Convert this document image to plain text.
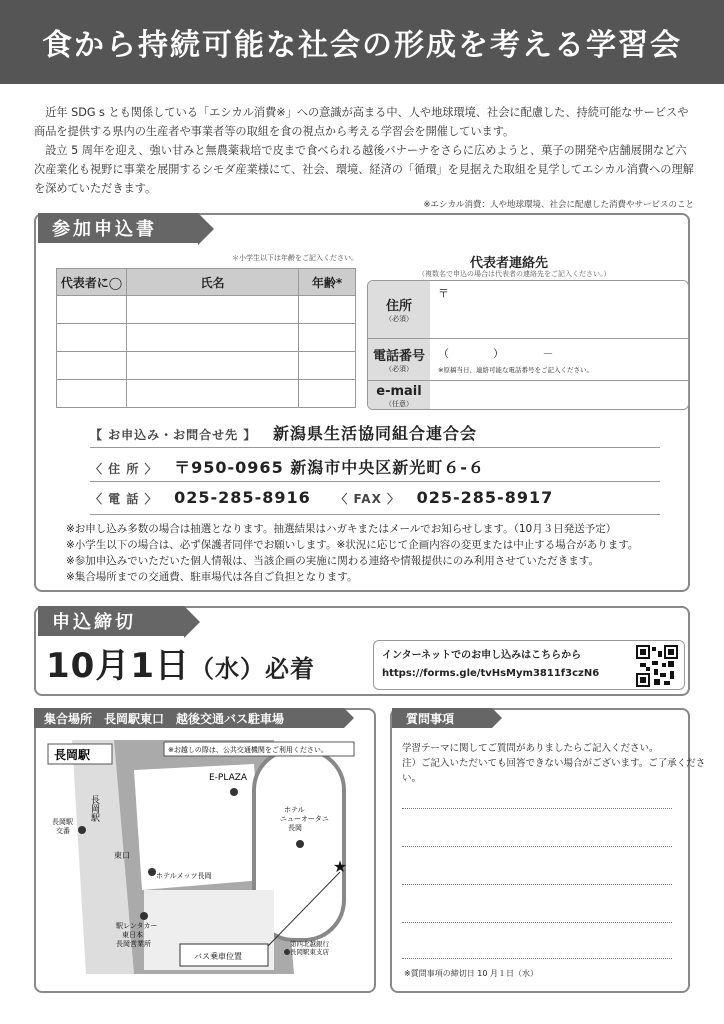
食から持続可能な社会の形成を考える学習会

近年 SDG s とも関係している「エシカル消費※」への意識が高まる中、人や地球環境、社会に配慮した、持続可能なサービスや商品を提供する県内の生産者や事業者等の取組を食の視点から考える学習会を開催しています。

設立 5 周年を迎え、強い甘みと無農薬栽培で皮まで食べられる越後バナーナをさらに広めようと、菓子の開発や店舗展開など六次産業化も視野に事業を展開するシモダ産業様にて、社会、環境、経済の「循環」を見据えた取組を見学してエシカル消費への理解を深めていただきます。

※エシカル消費：人や地球環境、社会に配慮した消費やサービスのこと
参加申込書
＊小学生以下は年齢をご記入ください。
代表者に◯	氏名	年齢*

代表者連絡先
（複数名で申込の場合は代表者の連絡先をご記入ください。）
住所
（必須）
〒
電話番号
（必須）
（　　　　）　　　　－
※原稿当日、連絡可能な電話番号をご記入ください。
e-mail
（任意）
【 お申込み・お問合せ先 】 新潟県生活協同組合連合会
〈 住 所 〉 〒950-0965 新潟市中央区新光町６-６
〈 電 話 〉 025-285-8916 〈 FAX 〉 025-285-8917
※お申し込み多数の場合は抽選となります。抽選結果はハガキまたはメールでお知らせします。（10月３日発送予定）
※小学生以下の場合は、必ず保護者同伴でお願いします。※状況に応じて企画内容の変更または中止する場合があります。
※参加申込みでいただいた個人情報は、当該企画の実施に関わる連絡や情報提供にのみ利用させていただきます。
※集合場所までの交通費、駐車場代は各自ご負担となります。
申込締切
10月1日（水）必着	インターネットでのお申し込みはこちらから
https://forms.gle/tvHsMym3811f3czN6
集合場所　長岡駅東口　越後交通バス駐車場
長岡駅	※お越しの際は、公共交通機関をご利用ください。
E-PLAZA
ホテルニューオータニ長岡
長岡駅交番
長岡駅
東口
ホテルメッツ長岡
駅レンタカー東日本長岡営業所
バス乗車位置
★
第四北越銀行長岡駅東支店
質問事項
学習テーマに関してご質問がありましたらご記入ください。
注）ご記入いただいても回答できない場合がございます。ご了承ください。
※質問事項の締切日 10 月１日（水）
